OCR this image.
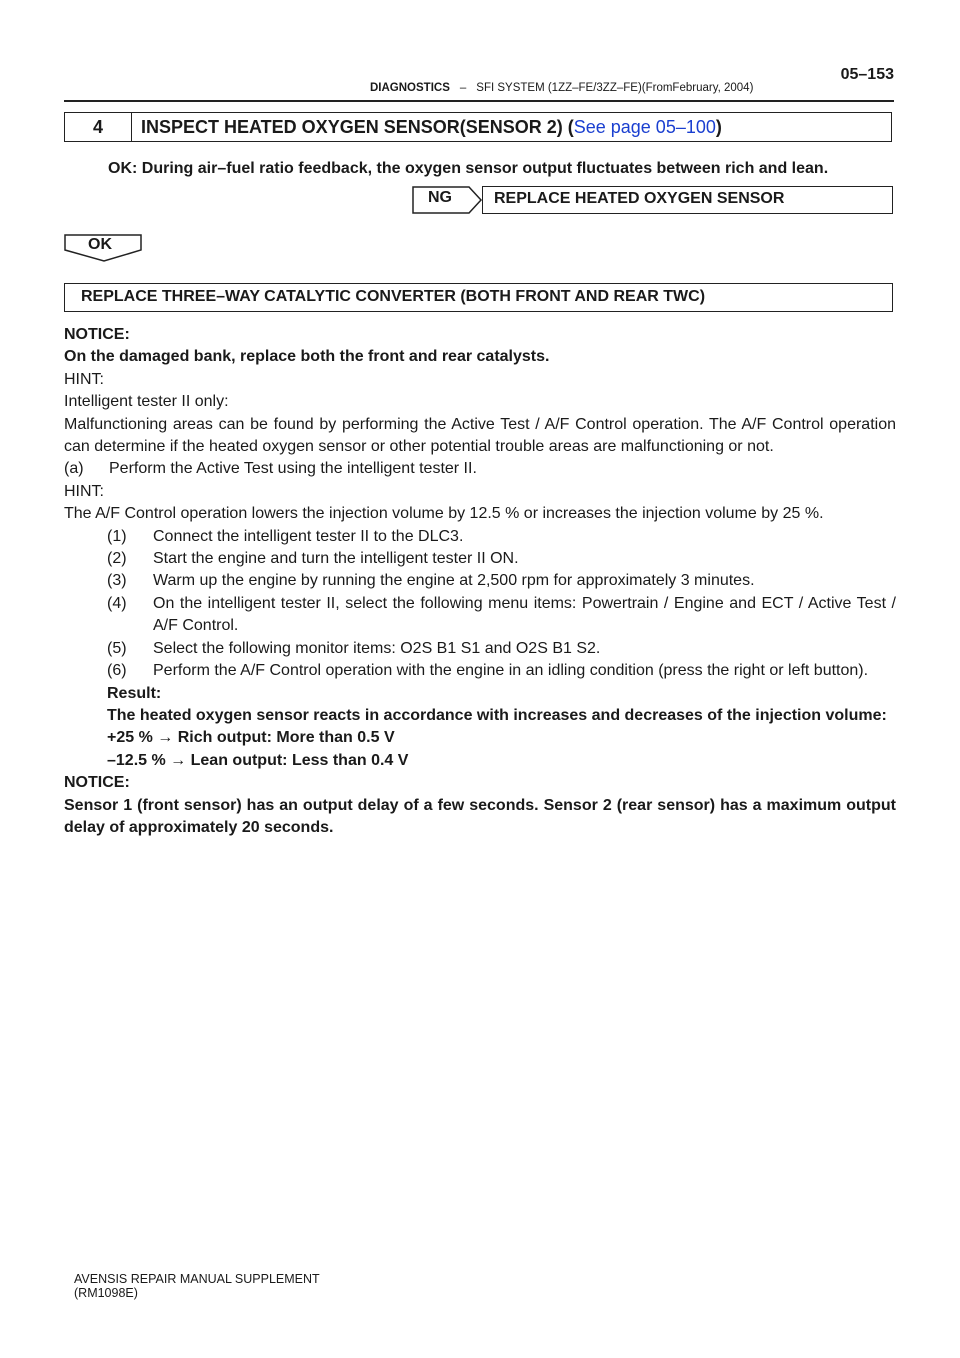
DIAGNOSTICS – SFI SYSTEM (1ZZ–FE/3ZZ–FE)(FromFebruary, 2004)
05–153
4	INSPECT HEATED OXYGEN SENSOR(SENSOR 2) (See page 05–100)
OK: During air–fuel ratio feedback, the oxygen sensor output fluctuates between rich and lean.
NG	REPLACE HEATED OXYGEN SENSOR
OK
REPLACE THREE–WAY CATALYTIC CONVERTER (BOTH FRONT AND REAR TWC)

NOTICE:

On the damaged bank, replace both the front and rear catalysts.

HINT:

Intelligent tester II only:

Malfunctioning areas can be found by performing the Active Test / A/F Control operation. The A/F Control operation can determine if the heated oxygen sensor or other potential trouble areas are malfunctioning or not.

(a)	Perform the Active Test using the intelligent tester II.

HINT:

The A/F Control operation lowers the injection volume by 12.5 % or increases the injection volume by 25 %.

(1)	Connect the intelligent tester II to the DLC3.
(2)	Start the engine and turn the intelligent tester II ON.
(3)	Warm up the engine by running the engine at 2,500 rpm for approximately 3 minutes.
(4)	On the intelligent tester II, select the following menu items: Powertrain / Engine and ECT / Active Test / A/F Control.
(5)	Select the following monitor items: O2S B1 S1 and O2S B1 S2.
(6)	Perform the A/F Control operation with the engine in an idling condition (press the right or left button).

Result:

The heated oxygen sensor reacts in accordance with increases and decreases of the injection volume:

+25 % → Rich output: More than 0.5 V

–12.5 % → Lean output: Less than 0.4 V

NOTICE:

Sensor 1 (front sensor) has an output delay of a few seconds. Sensor 2 (rear sensor) has a maximum output delay of approximately 20 seconds.

AVENSIS REPAIR MANUAL SUPPLEMENT
(RM1098E)
